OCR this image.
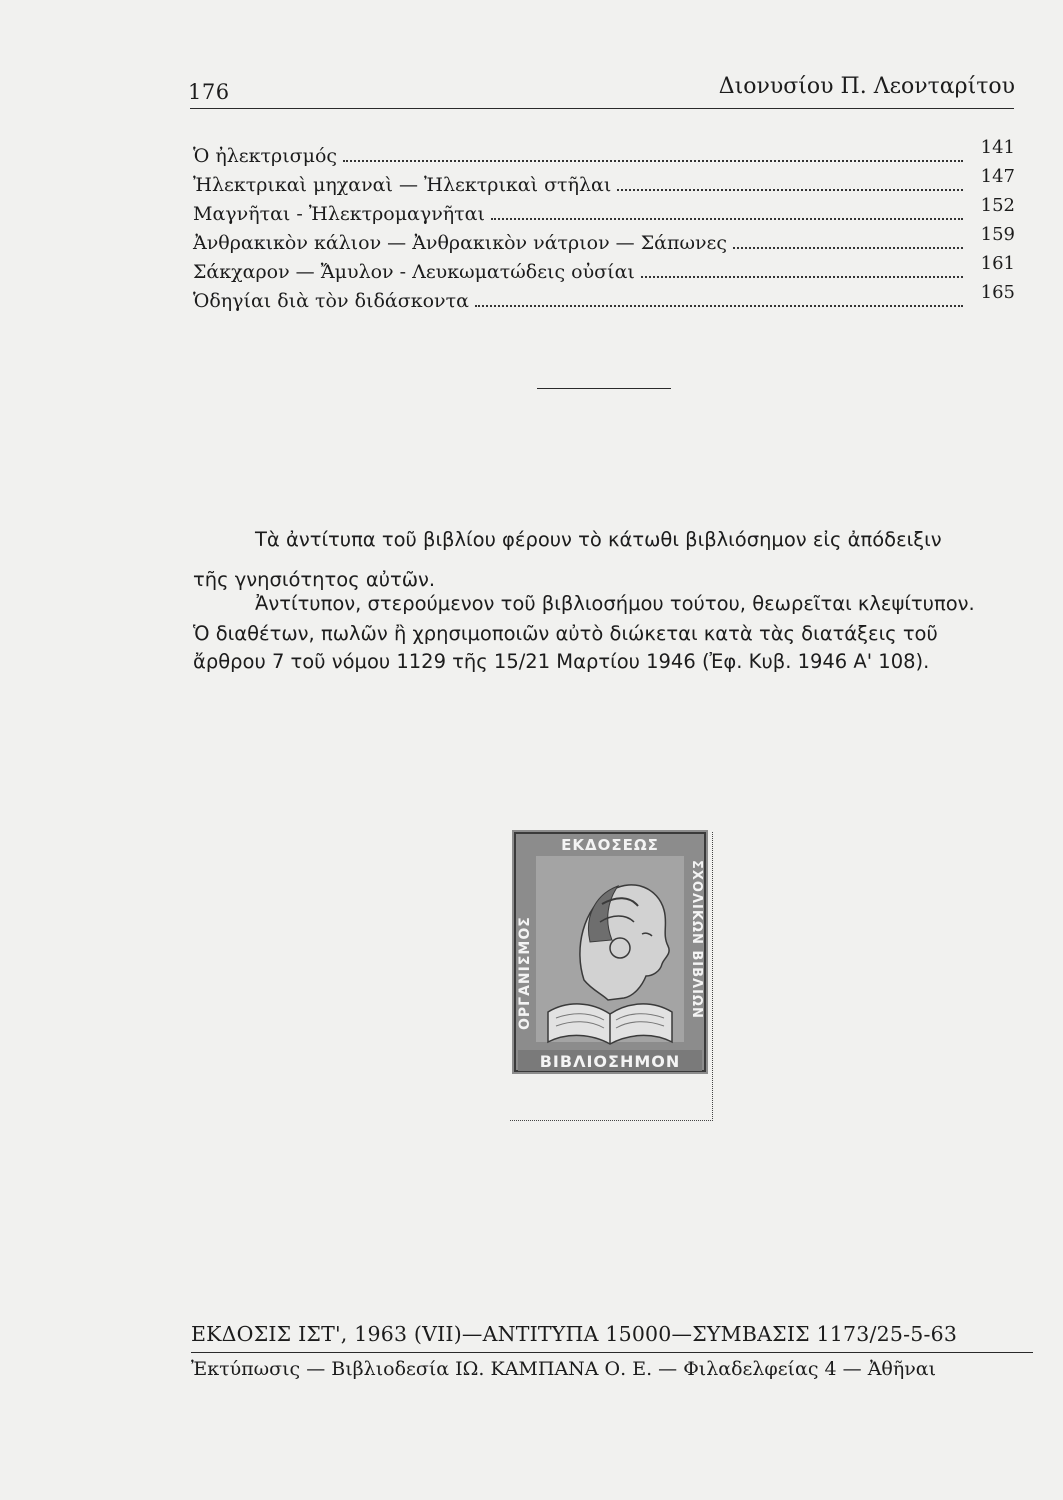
176	Διονυσίου Π. Λεονταρίτου
Ὁ ἠλεκτρισμός	141
Ἠλεκτρικαὶ μηχαναὶ — Ἠλεκτρικαὶ στῆλαι	147
Μαγνῆται - Ἠλεκτρομαγνῆται	152
Ἀνθρακικὸν κάλιον — Ἀνθρακικὸν νάτριον — Σάπωνες	159
Σάκχαρον — Ἄμυλον - Λευκωματώδεις οὐσίαι	161
Ὁδηγίαι διὰ τὸν διδάσκοντα	165
Τὰ ἀντίτυπα τοῦ βιβλίου φέρουν τὸ κάτωθι βιβλιόσημον εἰς ἀπόδειξιν
τῆς γνησιότητος αὐτῶν.
Ἀντίτυπον, στερούμενον τοῦ βιβλιοσήμου τούτου, θεωρεῖται κλεψίτυπον.
Ὁ διαθέτων, πωλῶν ἢ χρησιμοποιῶν αὐτὸ διώκεται κατὰ τὰς διατάξεις τοῦ
ἄρθρου 7 τοῦ νόμου 1129 τῆς 15/21 Μαρτίου 1946 (Ἐφ. Κυβ. 1946 Α' 108).
ΕΚΔΟΣΕΩΣ
ΟΡΓΑΝΙΣΜΟΣ	ΣΧΟΛΙΚΩΝ ΒΙΒΛΙΩΝ
ΒΙΒΛΙΟΣΗΜΟΝ
ΕΚΔΟΣΙΣ ΙΣΤ', 1963 (VII)—ΑΝΤΙΤΥΠΑ 15000—ΣΥΜΒΑΣΙΣ 1173/25-5-63
Ἐκτύπωσις — Βιβλιοδεσία ΙΩ. ΚΑΜΠΑΝΑ Ο. Ε. — Φιλαδελφείας 4 — Ἀθῆναι
